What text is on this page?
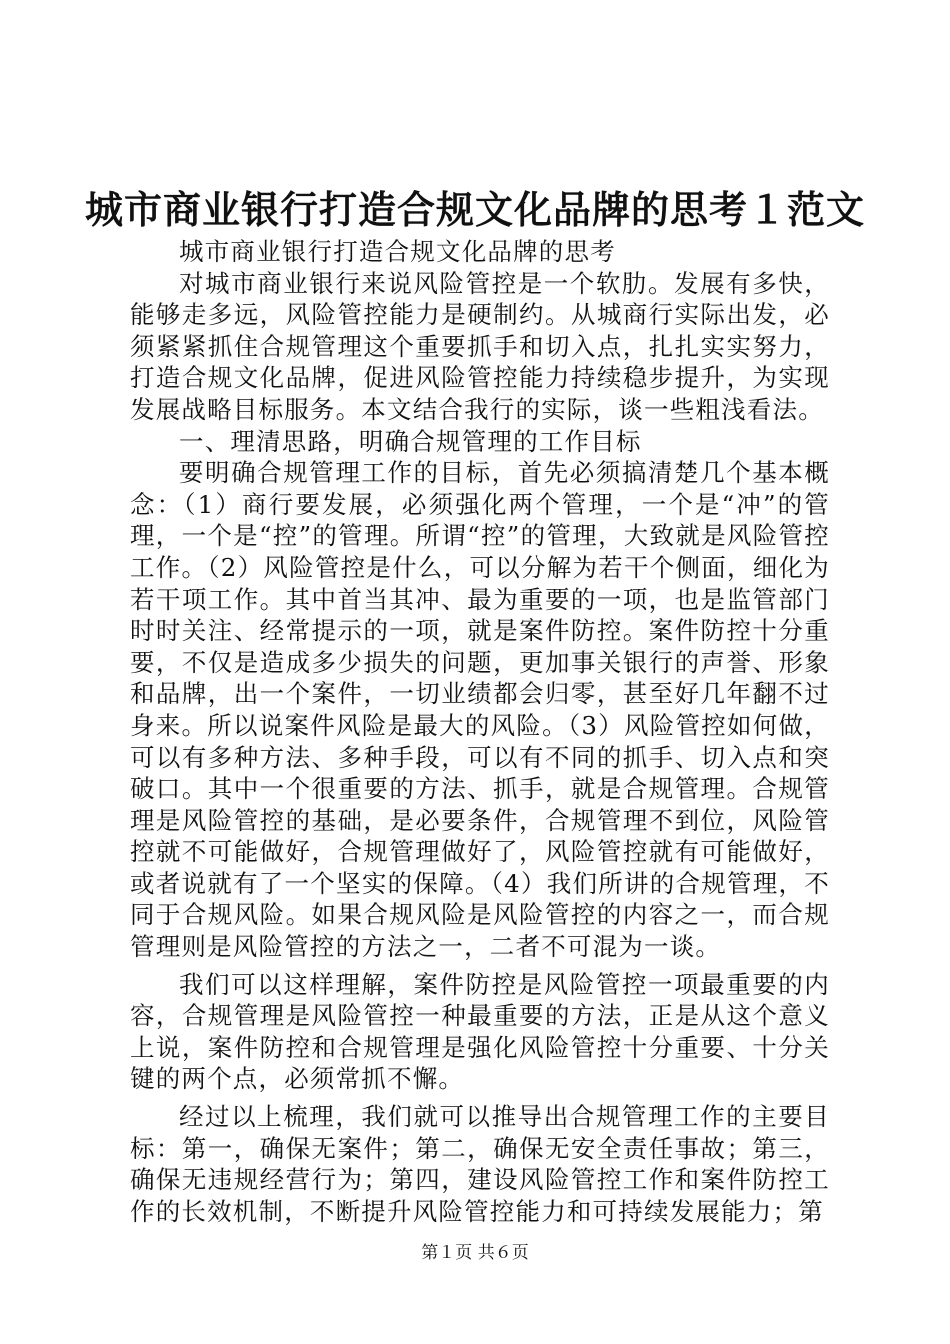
城市商业银行打造合规文化品牌的思考１范文

城市商业银行打造合规文化品牌的思考

对城市商业银行来说风险管控是一个软肋。发展有多快，能够走多远，风险管控能力是硬制约。从城商行实际出发，必须紧紧抓住合规管理这个重要抓手和切入点，扎扎实实努力，打造合规文化品牌，促进风险管控能力持续稳步提升，为实现发展战略目标服务。本文结合我行的实际，谈一些粗浅看法。

一、理清思路，明确合规管理的工作目标

要明确合规管理工作的目标，首先必须搞清楚几个基本概念：（1）商行要发展，必须强化两个管理，一个是“冲”的管理，一个是“控”的管理。所谓“控”的管理，大致就是风险管控工作。（2）风险管控是什么，可以分解为若干个侧面，细化为若干项工作。其中首当其冲、最为重要的一项，也是监管部门时时关注、经常提示的一项，就是案件防控。案件防控十分重要，不仅是造成多少损失的问题，更加事关银行的声誉、形象和品牌，出一个案件，一切业绩都会归零，甚至好几年翻不过身来。所以说案件风险是最大的风险。（3）风险管控如何做，可以有多种方法、多种手段，可以有不同的抓手、切入点和突破口。其中一个很重要的方法、抓手，就是合规管理。合规管理是风险管控的基础，是必要条件，合规管理不到位，风险管控就不可能做好，合规管理做好了，风险管控就有可能做好，或者说就有了一个坚实的保障。（4）我们所讲的合规管理，不同于合规风险。如果合规风险是风险管控的内容之一，而合规管理则是风险管控的方法之一，二者不可混为一谈。

我们可以这样理解，案件防控是风险管控一项最重要的内容，合规管理是风险管控一种最重要的方法，正是从这个意义上说，案件防控和合规管理是强化风险管控十分重要、十分关键的两个点，必须常抓不懈。

经过以上梳理，我们就可以推导出合规管理工作的主要目标：第一，确保无案件；第二，确保无安全责任事故；第三，确保无违规经营行为；第四，建设风险管控工作和案件防控工作的长效机制，不断提升风险管控能力和可持续发展能力；第

第１页 共６页
